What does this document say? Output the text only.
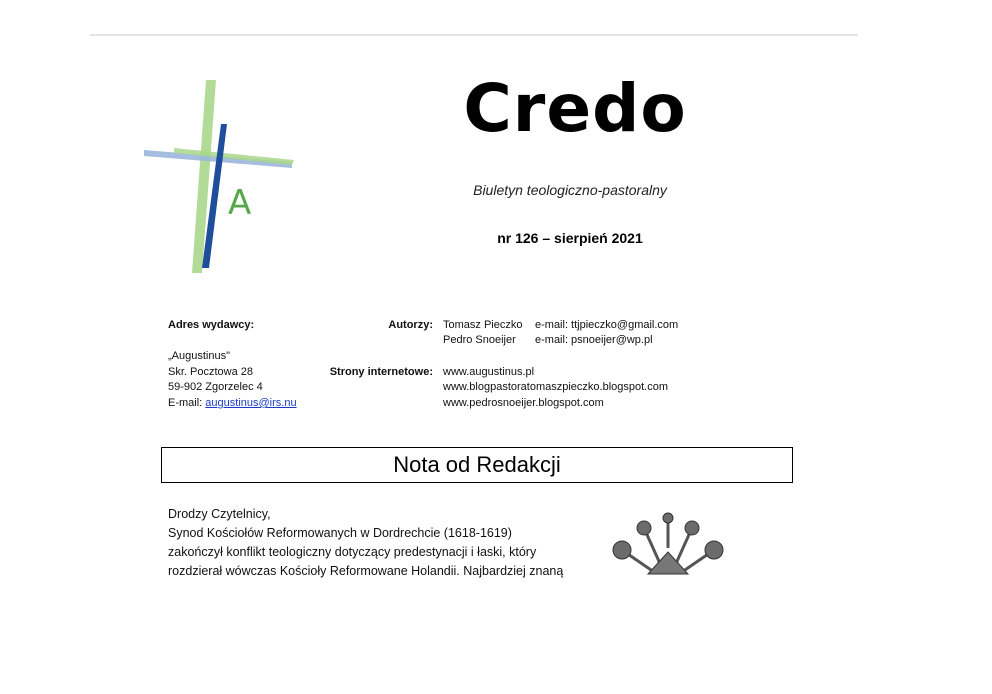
A
Credo
Biuletyn teologiczno-pastoralny
nr 126 – sierpień 2021
Adres wydawcy:
„Augustinus"
Skr. Pocztowa 28
59-902 Zgorzelec 4
E-mail: augustinus@irs.nu
Autorzy: Tomasz Pieczko e-mail: ttjpieczko@gmail.com
Pedro Snoeijer e-mail: psnoeijer@wp.pl
Strony internetowe: www.augustinus.pl
www.blogpastoratomaszpieczko.blogspot.com
www.pedrosnoeijer.blogspot.com
Nota od Redakcji
Drodzy Czytelnicy,
Synod Kościołów Reformowanych w Dordrechcie (1618-1619)
zakończył konflikt teologiczny dotyczący predestynacji i łaski, który
rozdzierał wówczas Kościoły Reformowane Holandii. Najbardziej znaną
